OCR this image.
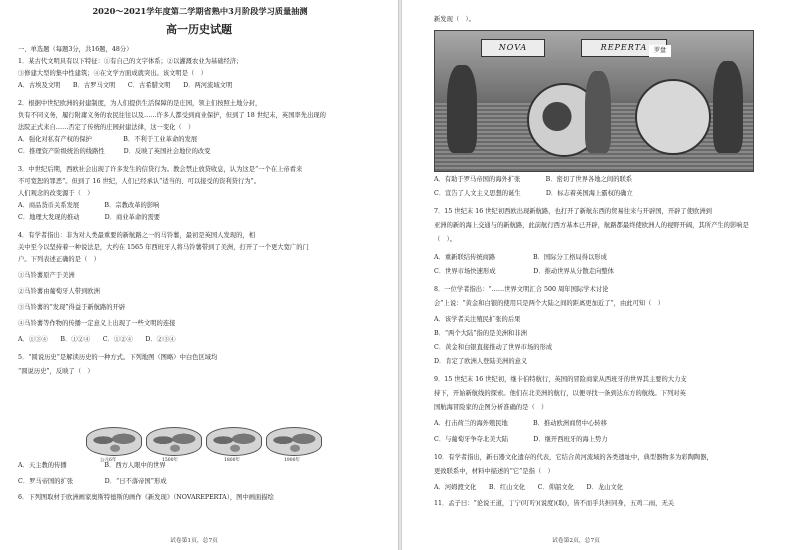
2020～2021学年度第二学期省熟中3月阶段学习质量抽测
高一历史试题
一、单选题（每题3分，共16题，48分）
1．某古代文明具有以下特征：①有自己的文字体系；②以灌溉农业为基础经济；
③修建大型的集中性建筑；④在文学方面成就突出。该文明是（　）
A．古埃及文明　　B．古罗马文明　　C．古希腊文明　　D．两河流域文明
2．根据中世纪欧洲的封建制度，为人们提供生活保障的是庄园，领主们按照土地分封，
负有不同义务，履行附庸义务的农民往往以及……许多人都受到商业保护，但到了 18 世纪末，英国率先出现的
法院正式来自……否定了传统的庄园封建法律，这一变化（　）
A．强化对私有产权的保护　　　　　B．不利于工业革命的发展
C．推理资产阶级统治的线路性　　　D．反映了英国社会地位的改变
3．中世纪后期，西欧社会出现了许多发生的信贷行为。教会禁止放贷收息，认为这是“一个在上帝看来
不可宽恕的罪恶”。但到了 16 世纪，人们已经承认“适当的、可以接受的资利贷行为”。
人们观念的改变源于（　）
A．商品货币关系发展　　　　B．宗教改革的影响
C．地理大发现的推动　　　　D．商业革命的需要
4．有学者指出：非为对人类最重要的新航路之一的马铃薯，最初是英国人发现的，相
关中至今以坚持着一种说法是，大约在 1565 年西班牙人将马铃薯带到了美洲，打开了一个更大宽广的门
户。下列表述正确的是（　）
①马铃薯原产于美洲
②马铃薯由葡萄牙人带到欧洲
③马铃薯的“发现”得益于新航路的开辟
④马铃薯等作物的传播一定意义上出现了一些文明的连接
A．①③④　　B．①②④　　C．①②④　　D．②③④
5．“圆说历史”是解读历史的一种方式。下列地图（图略）中白色区域均
“圆说历史”，反映了（　）
A．天主教的传播　　　　　　B．西方人眼中的世界
C．罗马帝国的扩张　　　　　D．“日不落帝国”形成
6．下列图取材于欧洲画家奥斯特德斯的画作《新发现》（NOVAREPERTA），图中画面描绘
公元6年	1500年	1800年	1900年
试卷第1页，总7页
新发现（　）。
NOVA	REPERTA	罗盘
A．有助于罗马帝国的海外扩张　　　　B．密切了世界各地之间的联系
C．宣告了人文主义思想的诞生　　　　D．标志着英国海上霸权的确立
7．15 世纪末 16 世纪初西欧出现新航路，也打开了新航东西的贸易往来与开辟国，开辟了使欧洲到
亚洲的新的海上交通与的新航路，此前航行西方基本已开辟，航路都最终使欧洲人的视野开阔，其所产生的影响是
（　）。
A．重新联结传统商路　　　　　　B．国际分工格局得以形成
C．世界市场快速形成　　　　　　D．推动世界从分散走向整体
8．一位学者指出：“……世界文明汇合 500 周年国际学术讨论
会”上说：“黄金和白银的使用只是两个大陆之间的距离更加近了”，由此可知（　）
A．该学者关注殖民扩张的后果
B．“两个大陆”指的是美洲和非洲
C．黄金和白银直接推动了世界市场的形成
D．肯定了欧洲人登陆美洲的意义
9．15 世纪末 16 世纪初，继卡伯特航行，英国的冒险商家从西班牙的世界其主要的大力支
持下，开始新航线的探索。他们在北美洲的航行，以便寻找一条到达东方的航线。下列对英
国航海冒险家的企图分析准确的是（　）
A．打击荷兰的海外殖民地　　　　B．推动欧洲商贸中心转移
C．与葡萄牙争夺北美大陆　　　　D．继开西班牙的海上势力
10．有学者指出，新石器文化遗存的代表，它结合黄河流域的各类遗址中，典型器物多为彩陶陶器，
更致联系中，材料中描述的“它”是指（　）
A．河姆渡文化　　B．红山文化　　C．仰韶文化　　D．龙山文化
11．孟子曰：“论说王道，丁宁(叮咛)(说度)(取)，皆不而乎共担同身，五鸡二雨，无关
试卷第2页，总7页
